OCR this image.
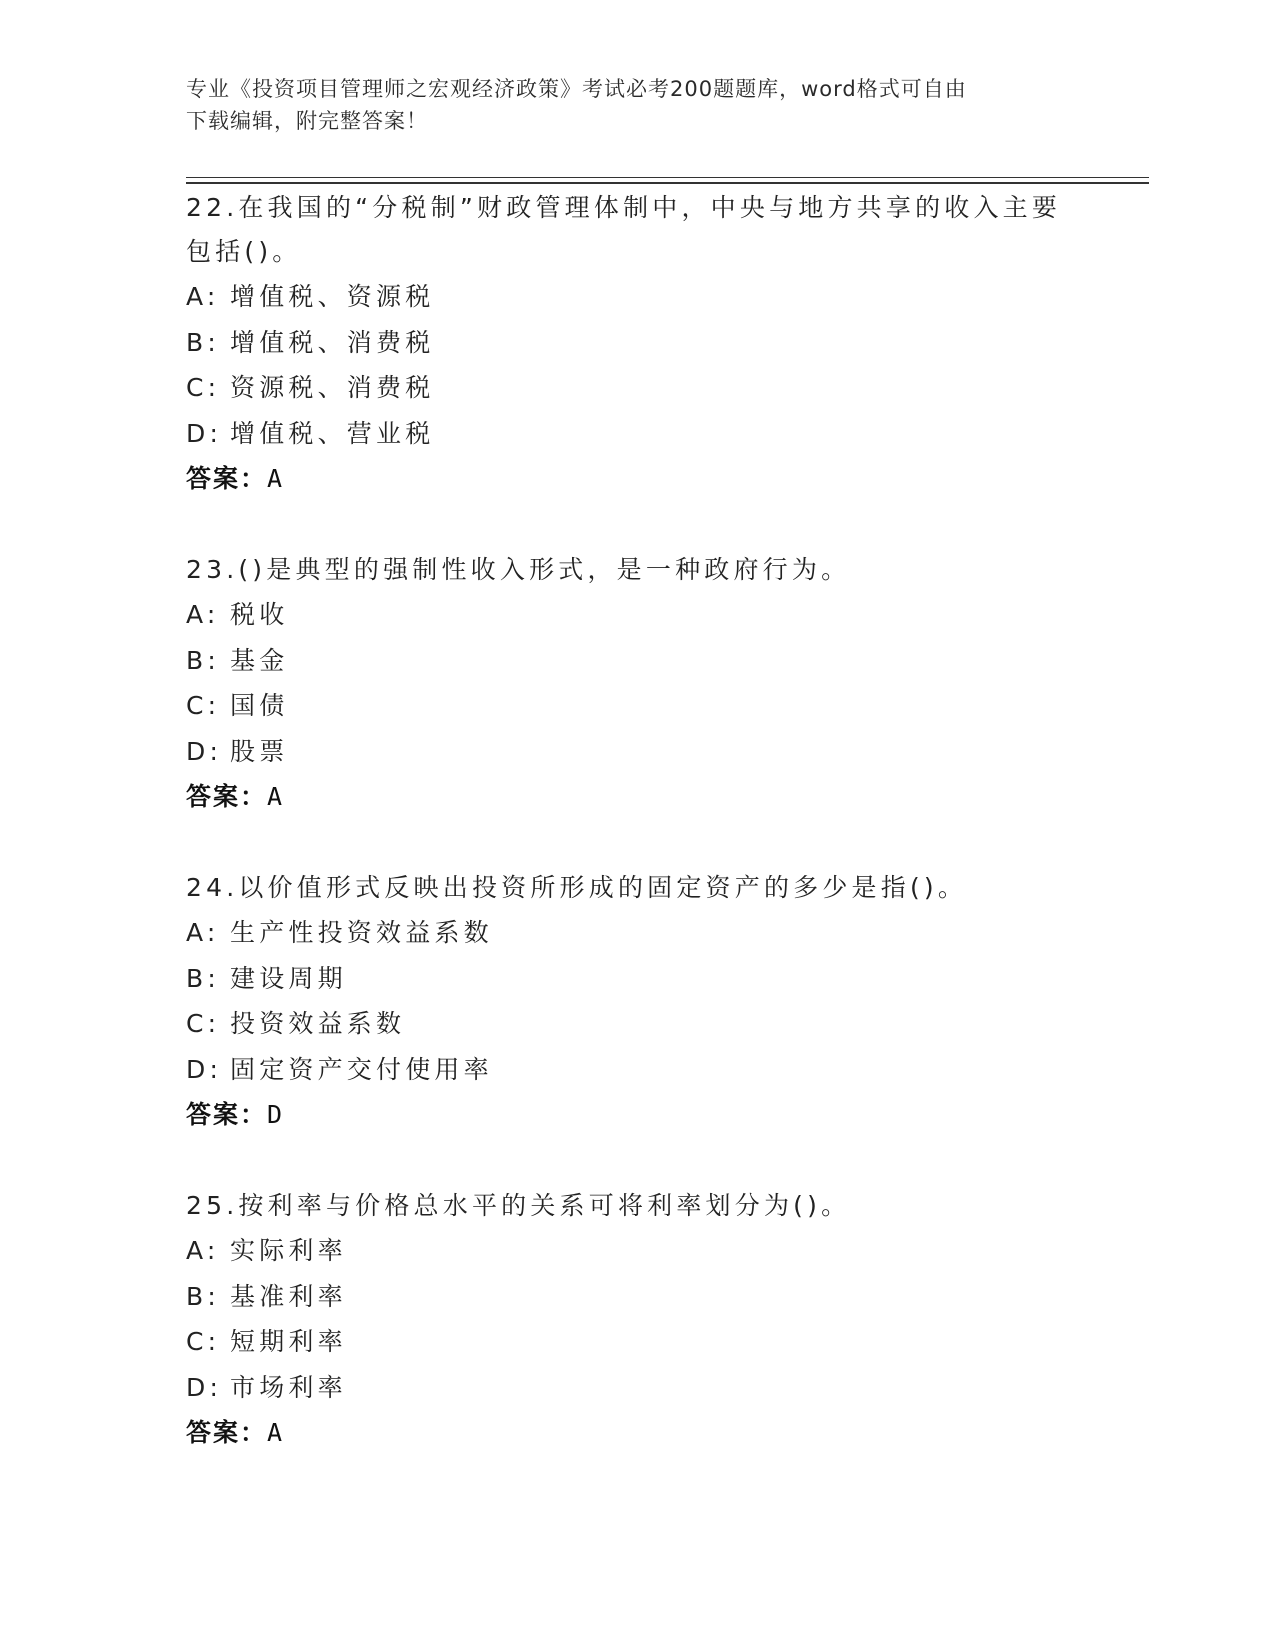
专业《投资项目管理师之宏观经济政策》考试必考200题题库，word格式可自由
下载编辑，附完整答案！

22.在我国的“分税制”财政管理体制中，中央与地方共享的收入主要包括()。

A: 增值税、资源税

B: 增值税、消费税

C: 资源税、消费税

D: 增值税、营业税

答案：A

23.()是典型的强制性收入形式，是一种政府行为。

A: 税收

B: 基金

C: 国债

D: 股票

答案：A

24.以价值形式反映出投资所形成的固定资产的多少是指()。

A: 生产性投资效益系数

B: 建设周期

C: 投资效益系数

D: 固定资产交付使用率

答案：D

25.按利率与价格总水平的关系可将利率划分为()。

A: 实际利率

B: 基准利率

C: 短期利率

D: 市场利率

答案：A
